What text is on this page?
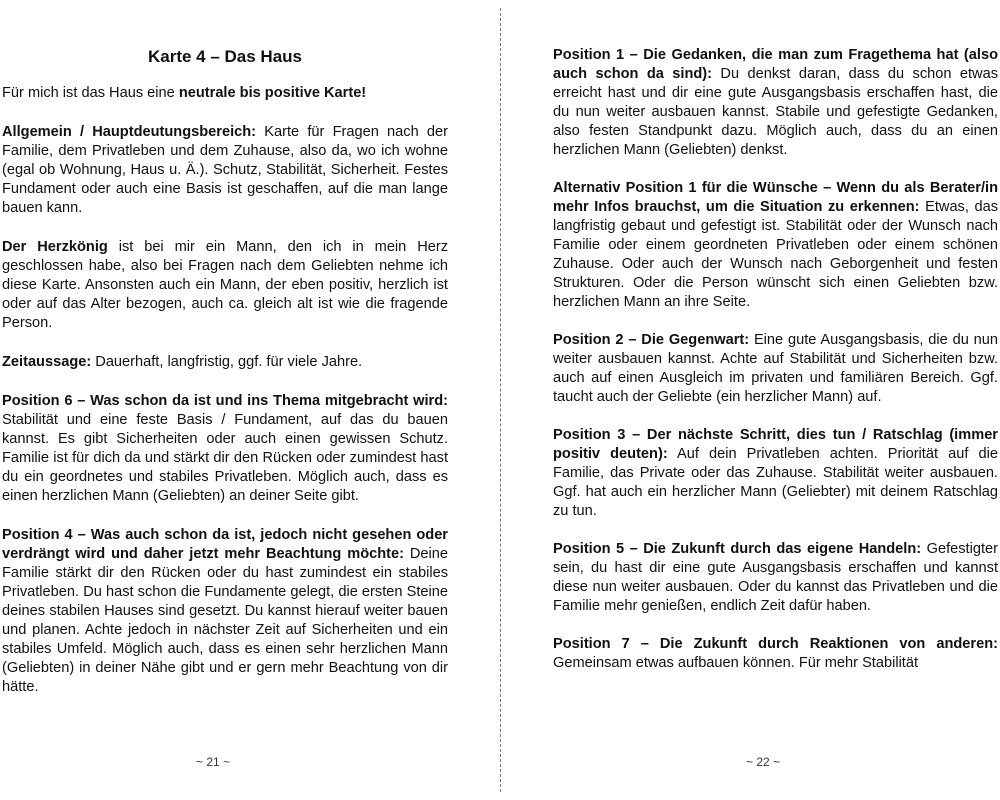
Karte 4 – Das Haus

Für mich ist das Haus eine neutrale bis positive Karte!

Allgemein / Hauptdeutungsbereich: Karte für Fragen nach der Familie, dem Privatleben und dem Zuhause, also da, wo ich wohne (egal ob Wohnung, Haus u. Ä.). Schutz, Stabilität, Sicherheit. Festes Fundament oder auch eine Basis ist geschaffen, auf die man lange bauen kann.

Der Herzkönig ist bei mir ein Mann, den ich in mein Herz geschlossen habe, also bei Fragen nach dem Geliebten nehme ich diese Karte. Ansonsten auch ein Mann, der eben positiv, herzlich ist oder auf das Alter bezogen, auch ca. gleich alt ist wie die fragende Person.

Zeitaussage: Dauerhaft, langfristig, ggf. für viele Jahre.

Position 6 – Was schon da ist und ins Thema mitgebracht wird: Stabilität und eine feste Basis / Fundament, auf das du bauen kannst. Es gibt Sicherheiten oder auch einen gewissen Schutz. Familie ist für dich da und stärkt dir den Rücken oder zumindest hast du ein geordnetes und stabiles Privatleben. Möglich auch, dass es einen herzlichen Mann (Geliebten) an deiner Seite gibt.

Position 4 – Was auch schon da ist, jedoch nicht gesehen oder verdrängt wird und daher jetzt mehr Beachtung möchte: Deine Familie stärkt dir den Rücken oder du hast zumindest ein stabiles Privatleben. Du hast schon die Fundamente gelegt, die ersten Steine deines stabilen Hauses sind gesetzt. Du kannst hierauf weiter bauen und planen. Achte jedoch in nächster Zeit auf Sicherheiten und ein stabiles Umfeld. Möglich auch, dass es einen sehr herzlichen Mann (Geliebten) in deiner Nähe gibt und er gern mehr Beachtung von dir hätte.

Position 1 – Die Gedanken, die man zum Fragethema hat (also auch schon da sind): Du denkst daran, dass du schon etwas erreicht hast und dir eine gute Ausgangsbasis erschaffen hast, die du nun weiter ausbauen kannst. Stabile und gefestigte Gedanken, also festen Standpunkt dazu. Möglich auch, dass du an einen herzlichen Mann (Geliebten) denkst.

Alternativ Position 1 für die Wünsche – Wenn du als Berater/in mehr Infos brauchst, um die Situation zu erkennen: Etwas, das langfristig gebaut und gefestigt ist. Stabilität oder der Wunsch nach Familie oder einem geordneten Privatleben oder einem schönen Zuhause. Oder auch der Wunsch nach Geborgenheit und festen Strukturen. Oder die Person wünscht sich einen Geliebten bzw. herzlichen Mann an ihre Seite.

Position 2 – Die Gegenwart: Eine gute Ausgangsbasis, die du nun weiter ausbauen kannst. Achte auf Stabilität und Sicherheiten bzw. auch auf einen Ausgleich im privaten und familiären Bereich. Ggf. taucht auch der Geliebte (ein herzlicher Mann) auf.

Position 3 – Der nächste Schritt, dies tun / Ratschlag (immer positiv deuten): Auf dein Privatleben achten. Priorität auf die Familie, das Private oder das Zuhause. Stabilität weiter ausbauen. Ggf. hat auch ein herzlicher Mann (Geliebter) mit deinem Ratschlag zu tun.

Position 5 – Die Zukunft durch das eigene Handeln: Gefestigter sein, du hast dir eine gute Ausgangsbasis erschaffen und kannst diese nun weiter ausbauen. Oder du kannst das Privatleben und die Familie mehr genießen, endlich Zeit dafür haben.

Position 7 – Die Zukunft durch Reaktionen von anderen: Gemeinsam etwas aufbauen können. Für mehr Stabilität

~ 21 ~	~ 22 ~
